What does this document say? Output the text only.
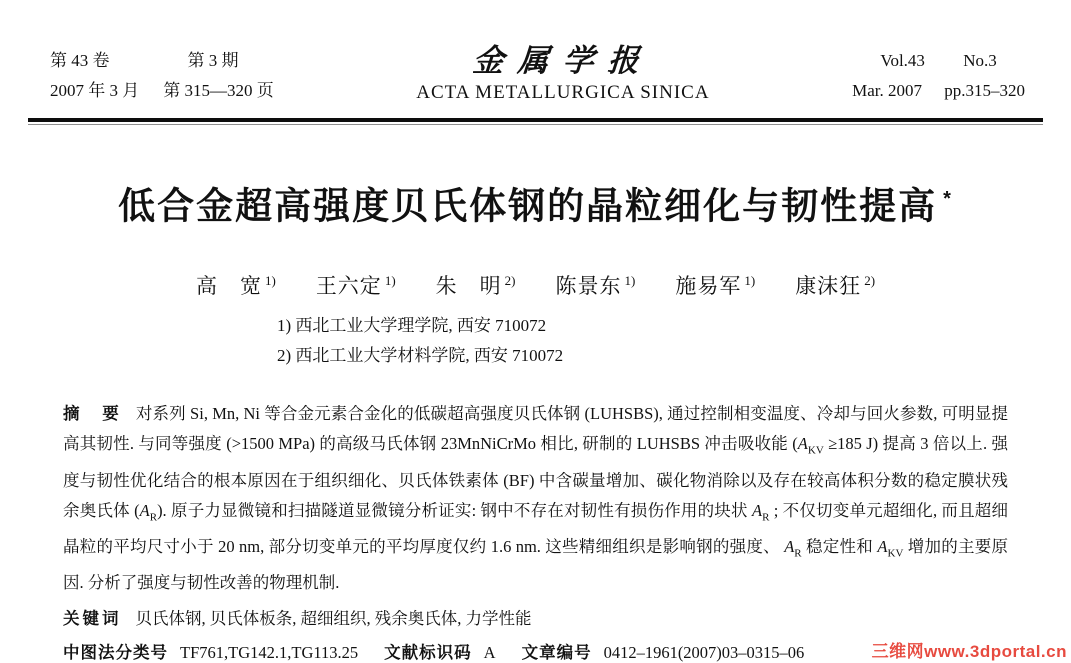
第 43 卷	第 3 期
2007 年 3 月 第 315—320 页
金属学报
ACTA METALLURGICA SINICA
Vol.43 No.3
Mar. 2007 pp.315–320
低合金超高强度贝氏体钢的晶粒细化与韧性提高 *
高　宽 $^{1)}$ 王六定 $^{1)}$ 朱　明 $^{2)}$ 陈景东 $^{1)}$ 施易军 $^{1)}$ 康沫狂 $^{2)}$
1) 西北工业大学理学院, 西安 710072
2) 西北工业大学材料学院, 西安 710072

摘　要 对系列 Si, Mn, Ni 等合金元素合金化的低碳超高强度贝氏体钢 (LUHSBS), 通过控制相变温度、冷却与回火参数, 可明显提高其韧性. 与同等强度 (>1500 MPa) 的高级马氏体钢 23MnNiCrMo 相比, 研制的 LUHSBS 冲击吸收能 ($A_{KV} \ge 185$ J) 提高 3 倍以上. 强度与韧性优化结合的根本原因在于组织细化、贝氏体铁素体 (BF) 中含碳量增加、碳化物消除以及存在较高体积分数的稳定膜状残余奥氏体 $(A_R)$. 原子力显微镜和扫描隧道显微镜分析证实: 钢中不存在对韧性有损伤作用的块状 $A_R$ ; 不仅切变单元超细化, 而且超细晶粒的平均尺寸小于 20 nm, 部分切变单元的平均厚度仅约 1.6 nm. 这些精细组织是影响钢的强度、 $A_R$ 稳定性和 $A_{KV}$ 增加的主要原因. 分析了强度与韧性改善的物理机制.

关键词 贝氏体钢, 贝氏体板条, 超细组织, 残余奥氏体, 力学性能

中图法分类号 TF761,TG142.1,TG113.25 文献标识码 A 文章编号 0412–1961(2007)03–0315–06	三维网www.3dportal.cn
